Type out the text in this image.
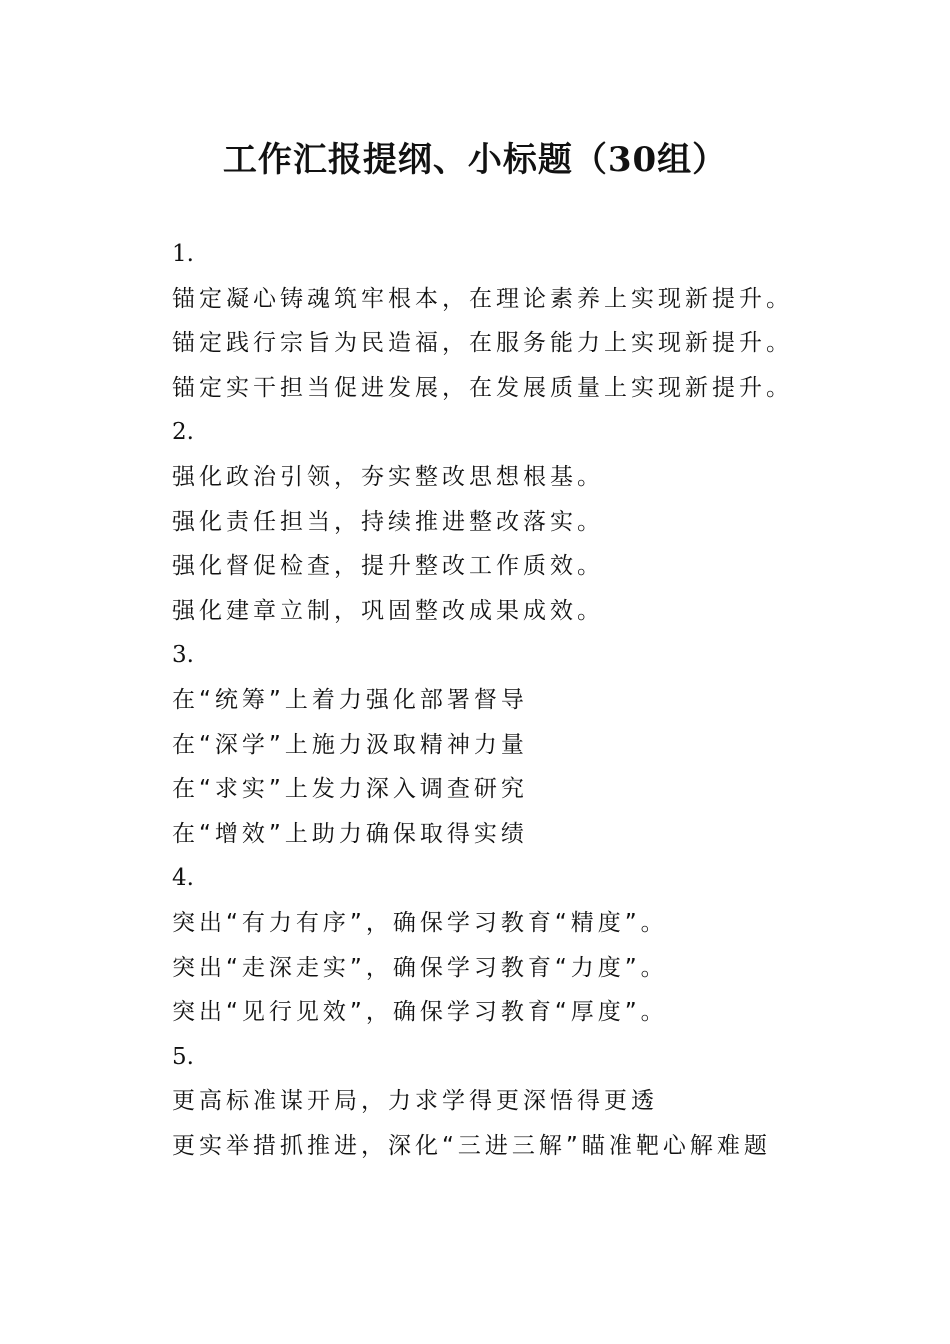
工作汇报提纲、小标题（30组）
1.
锚定凝心铸魂筑牢根本，在理论素养上实现新提升。
锚定践行宗旨为民造福，在服务能力上实现新提升。
锚定实干担当促进发展，在发展质量上实现新提升。
2.
强化政治引领，夯实整改思想根基。
强化责任担当，持续推进整改落实。
强化督促检查，提升整改工作质效。
强化建章立制，巩固整改成果成效。
3.
在“统筹”上着力强化部署督导
在“深学”上施力汲取精神力量
在“求实”上发力深入调查研究
在“增效”上助力确保取得实绩
4.
突出“有力有序”，确保学习教育“精度”。
突出“走深走实”，确保学习教育“力度”。
突出“见行见效”，确保学习教育“厚度”。
5.
更高标准谋开局，力求学得更深悟得更透
更实举措抓推进，深化“三进三解”瞄准靶心解难题
